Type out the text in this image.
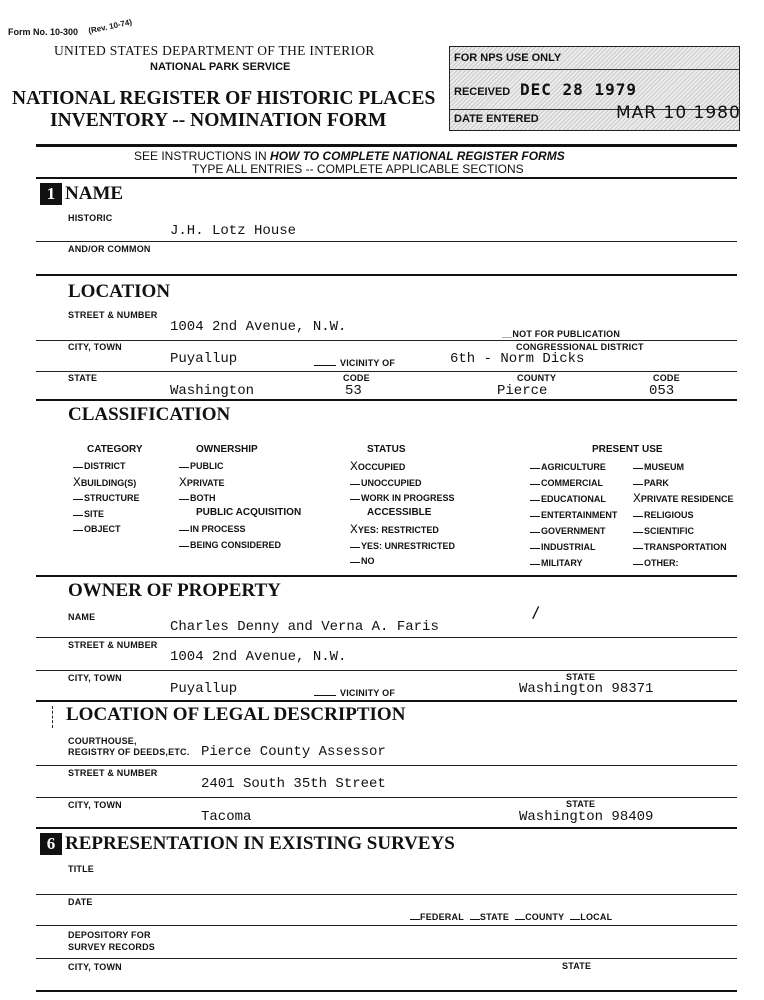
Form No. 10-300 (Rev. 10-74)
UNITED STATES DEPARTMENT OF THE INTERIOR
NATIONAL PARK SERVICE
NATIONAL REGISTER OF HISTORIC PLACES
INVENTORY -- NOMINATION FORM
FOR NPS USE ONLY
RECEIVED DEC 28 1979
DATE ENTERED	MAR 10 1980
SEE INSTRUCTIONS IN HOW TO COMPLETE NATIONAL REGISTER FORMS
TYPE ALL ENTRIES -- COMPLETE APPLICABLE SECTIONS
1 NAME
HISTORIC
J.H. Lotz House
AND/OR COMMON
LOCATION
STREET & NUMBER
1004 2nd Avenue, N.W.	__NOT FOR PUBLICATION
CITY, TOWN	CONGRESSIONAL DISTRICT
Puyallup	VICINITY OF	6th - Norm Dicks
STATE	CODE	COUNTY	CODE
Washington	53	Pierce	053
CLASSIFICATION
CATEGORY
DISTRICT
XBUILDING(S)
STRUCTURE
SITE
OBJECT
OWNERSHIP
PUBLIC
XPRIVATE
BOTH
PUBLIC ACQUISITION
IN PROCESS
BEING CONSIDERED
STATUS
XOCCUPIED
UNOCCUPIED
WORK IN PROGRESS
ACCESSIBLE
XYES: RESTRICTED
YES: UNRESTRICTED
NO
PRESENT USE
AGRICULTURE
COMMERCIAL
EDUCATIONAL
ENTERTAINMENT
GOVERNMENT
INDUSTRIAL
MILITARY
MUSEUM
PARK
XPRIVATE RESIDENCE
RELIGIOUS
SCIENTIFIC
TRANSPORTATION
OTHER:
OWNER OF PROPERTY
NAME
Charles Denny and Verna A. Faris
/
STREET & NUMBER
1004 2nd Avenue, N.W.
CITY, TOWN	STATE
Puyallup	VICINITY OF	Washington 98371
LOCATION OF LEGAL DESCRIPTION
COURTHOUSE,
REGISTRY OF DEEDS,ETC. Pierce County Assessor
STREET & NUMBER
2401 South 35th Street
CITY, TOWN	STATE
Tacoma	Washington 98409
6 REPRESENTATION IN EXISTING SURVEYS
TITLE
DATE
FEDERAL STATE COUNTY LOCAL
DEPOSITORY FOR
SURVEY RECORDS
CITY, TOWN	STATE
